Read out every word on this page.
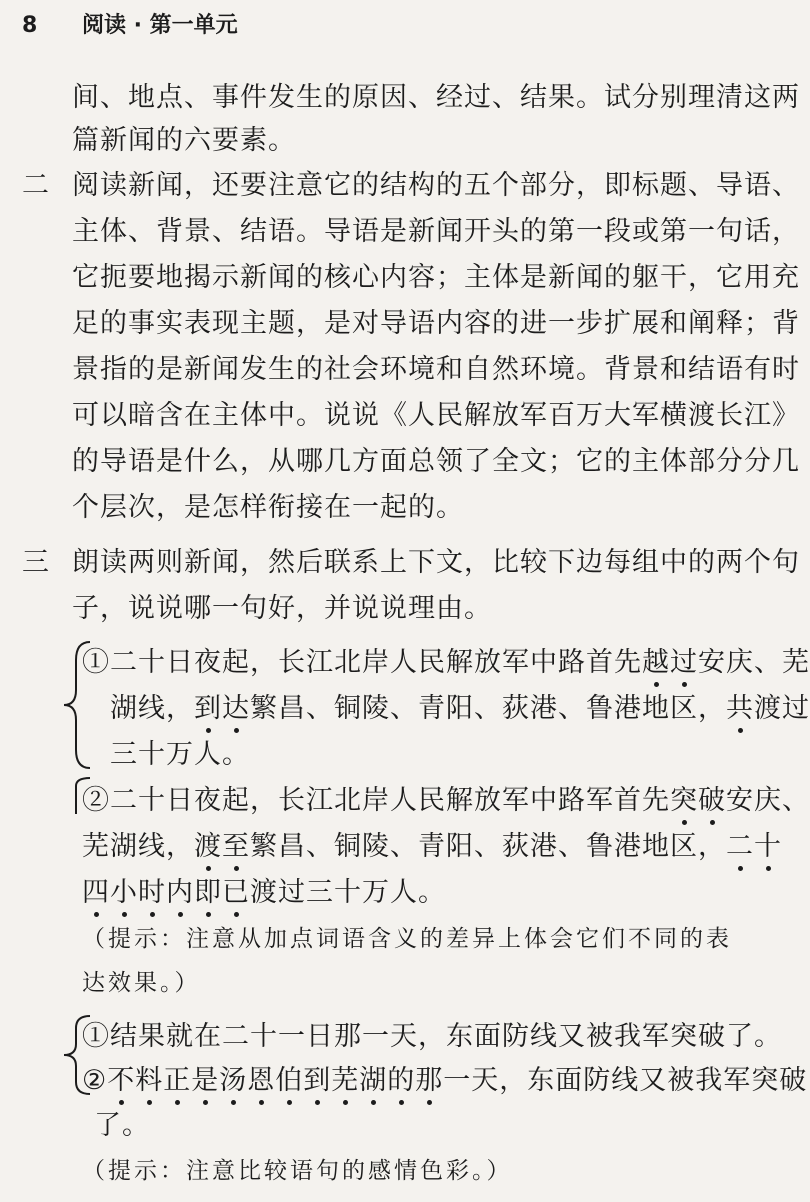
8 阅读 · 第一单元
间、地点、事件发生的原因、经过、结果。试分别理清这两
篇新闻的六要素。
二 阅读新闻，还要注意它的结构的五个部分，即标题、导语、
主体、背景、结语。导语是新闻开头的第一段或第一句话，
它扼要地揭示新闻的核心内容；主体是新闻的躯干，它用充
足的事实表现主题，是对导语内容的进一步扩展和阐释；背
景指的是新闻发生的社会环境和自然环境。背景和结语有时
可以暗含在主体中。说说《人民解放军百万大军横渡长江》
的导语是什么，从哪几方面总领了全文；它的主体部分分几
个层次，是怎样衔接在一起的。
三 朗读两则新闻，然后联系上下文，比较下边每组中的两个句
子，说说哪一句好，并说说理由。
①二十日夜起，长江北岸人民解放军中路首先越过安庆、芜
湖线，到达繁昌、铜陵、青阳、荻港、鲁港地区，共渡过
三十万人。
②二十日夜起，长江北岸人民解放军中路军首先突破安庆、
芜湖线，渡至繁昌、铜陵、青阳、荻港、鲁港地区，二十
四小时内即已渡过三十万人。
（提示：注意从加点词语含义的差异上体会它们不同的表
达效果。）
①结果就在二十一日那一天，东面防线又被我军突破了。
②不料正是汤恩伯到芜湖的那一天，东面防线又被我军突破
了。
（提示：注意比较语句的感情色彩。）
